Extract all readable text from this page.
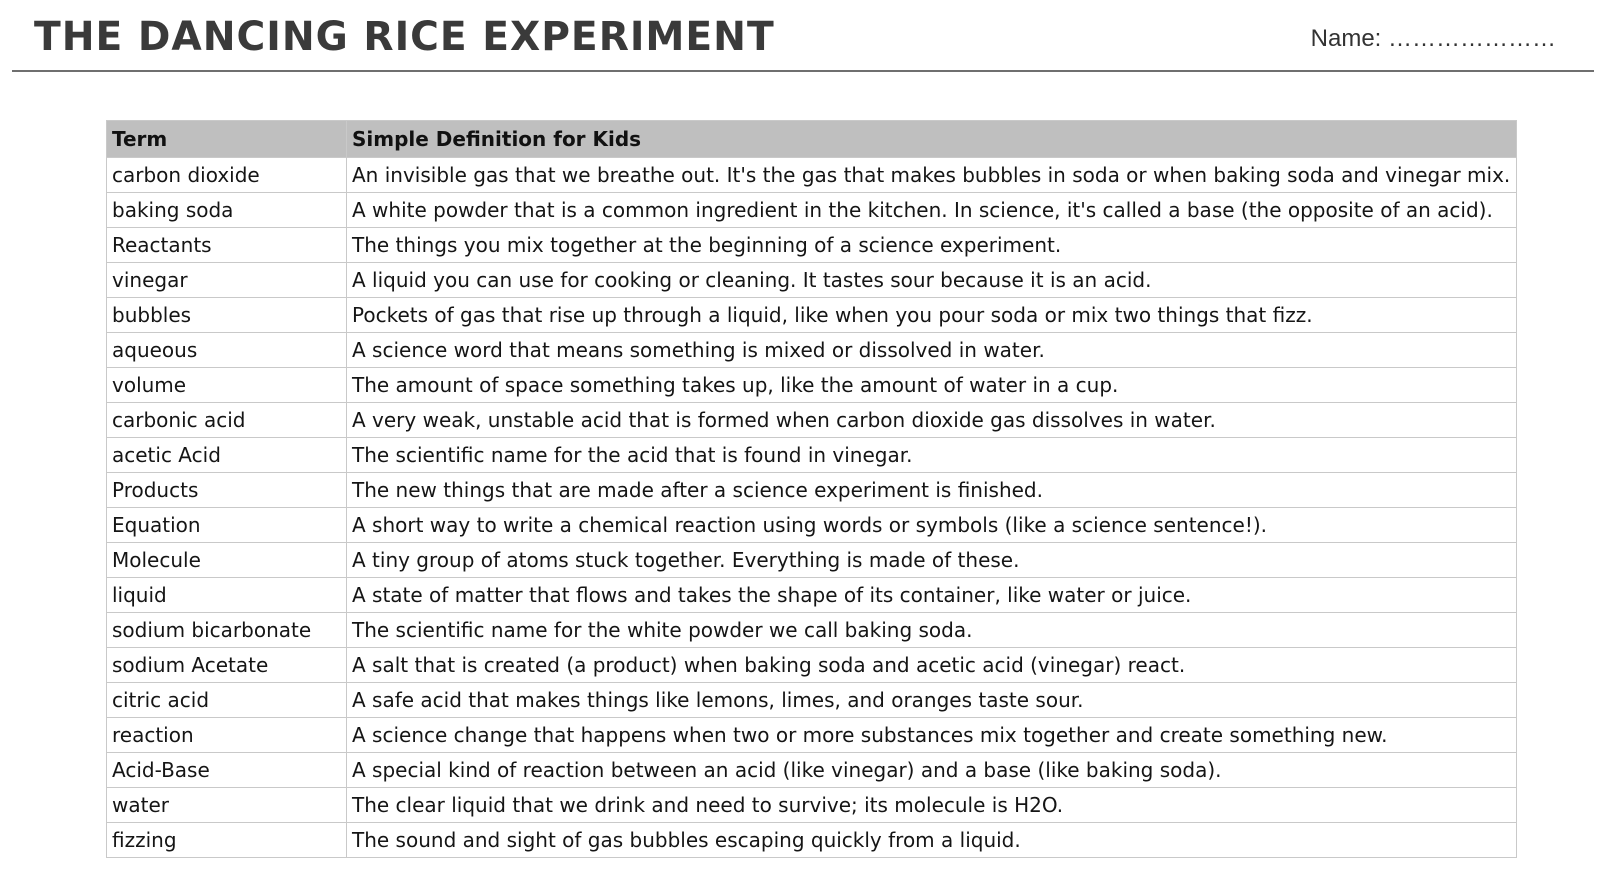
THE DANCING RICE EXPERIMENT	Name: …………………
Term	Simple Definition for Kids
carbon dioxide	An invisible gas that we breathe out. It's the gas that makes bubbles in soda or when baking soda and vinegar mix.
baking soda	A white powder that is a common ingredient in the kitchen. In science, it's called a base (the opposite of an acid).
Reactants	The things you mix together at the beginning of a science experiment.
vinegar	A liquid you can use for cooking or cleaning. It tastes sour because it is an acid.
bubbles	Pockets of gas that rise up through a liquid, like when you pour soda or mix two things that fizz.
aqueous	A science word that means something is mixed or dissolved in water.
volume	The amount of space something takes up, like the amount of water in a cup.
carbonic acid	A very weak, unstable acid that is formed when carbon dioxide gas dissolves in water.
acetic Acid	The scientific name for the acid that is found in vinegar.
Products	The new things that are made after a science experiment is finished.
Equation	A short way to write a chemical reaction using words or symbols (like a science sentence!).
Molecule	A tiny group of atoms stuck together. Everything is made of these.
liquid	A state of matter that flows and takes the shape of its container, like water or juice.
sodium bicarbonate	The scientific name for the white powder we call baking soda.
sodium Acetate	A salt that is created (a product) when baking soda and acetic acid (vinegar) react.
citric acid	A safe acid that makes things like lemons, limes, and oranges taste sour.
reaction	A science change that happens when two or more substances mix together and create something new.
Acid-Base	A special kind of reaction between an acid (like vinegar) and a base (like baking soda).
water	The clear liquid that we drink and need to survive; its molecule is H2O.
fizzing	The sound and sight of gas bubbles escaping quickly from a liquid.
